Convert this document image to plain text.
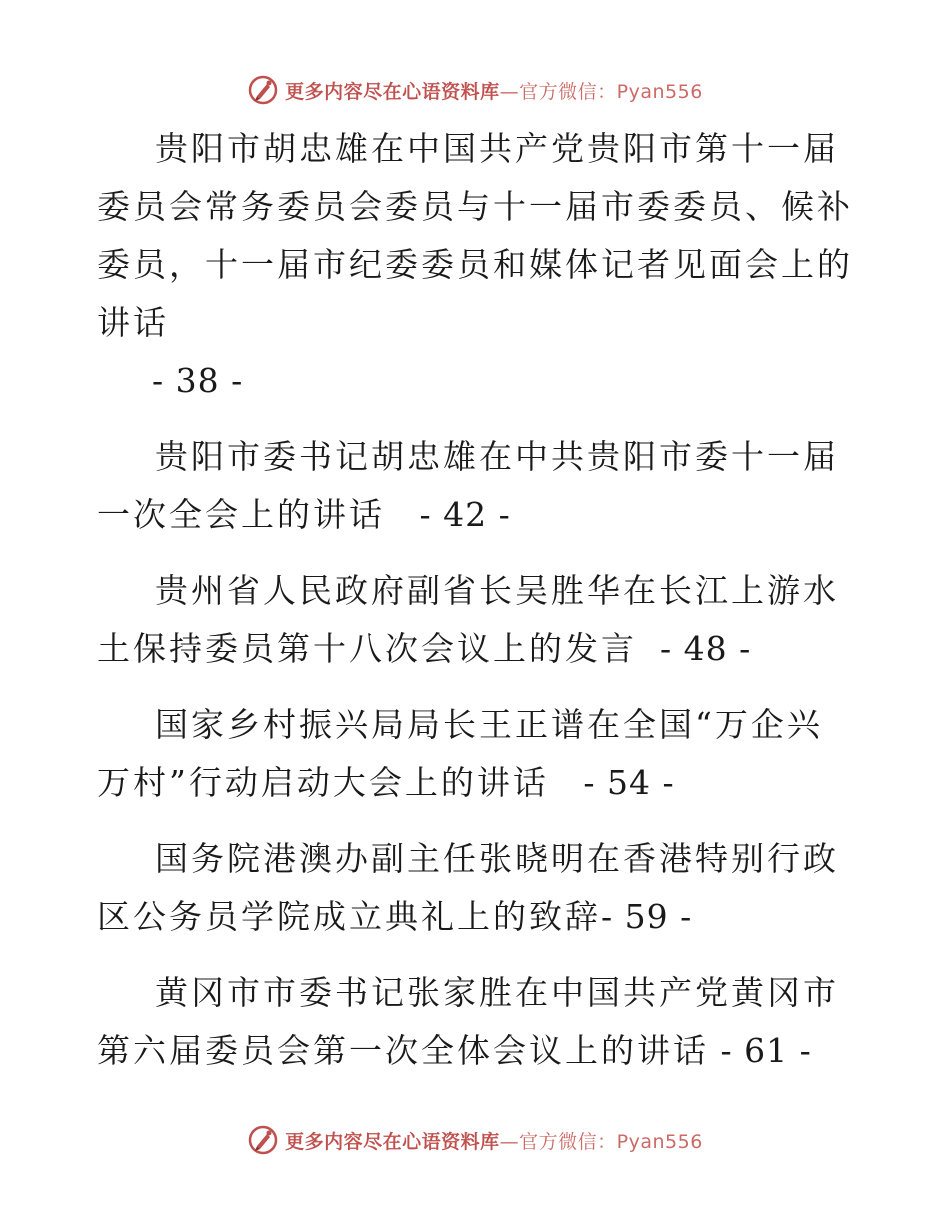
更多内容尽在心语资料库—官方微信：Pyan556

贵阳市胡忠雄在中国共产党贵阳市第十一届委员会常务委员会委员与十一届市委委员、候补委员，十一届市纪委委员和媒体记者见面会上的讲话
- 38 -

贵阳市委书记胡忠雄在中共贵阳市委十一届一次全会上的讲话 - 42 -

贵州省人民政府副省长吴胜华在长江上游水土保持委员第十八次会议上的发言 - 48 -

国家乡村振兴局局长王正谱在全国“万企兴万村”行动启动大会上的讲话 - 54 -

国务院港澳办副主任张晓明在香港特别行政区公务员学院成立典礼上的致辞- 59 -

黄冈市市委书记张家胜在中国共产党黄冈市第六届委员会第一次全体会议上的讲话 - 61 -

更多内容尽在心语资料库—官方微信：Pyan556
